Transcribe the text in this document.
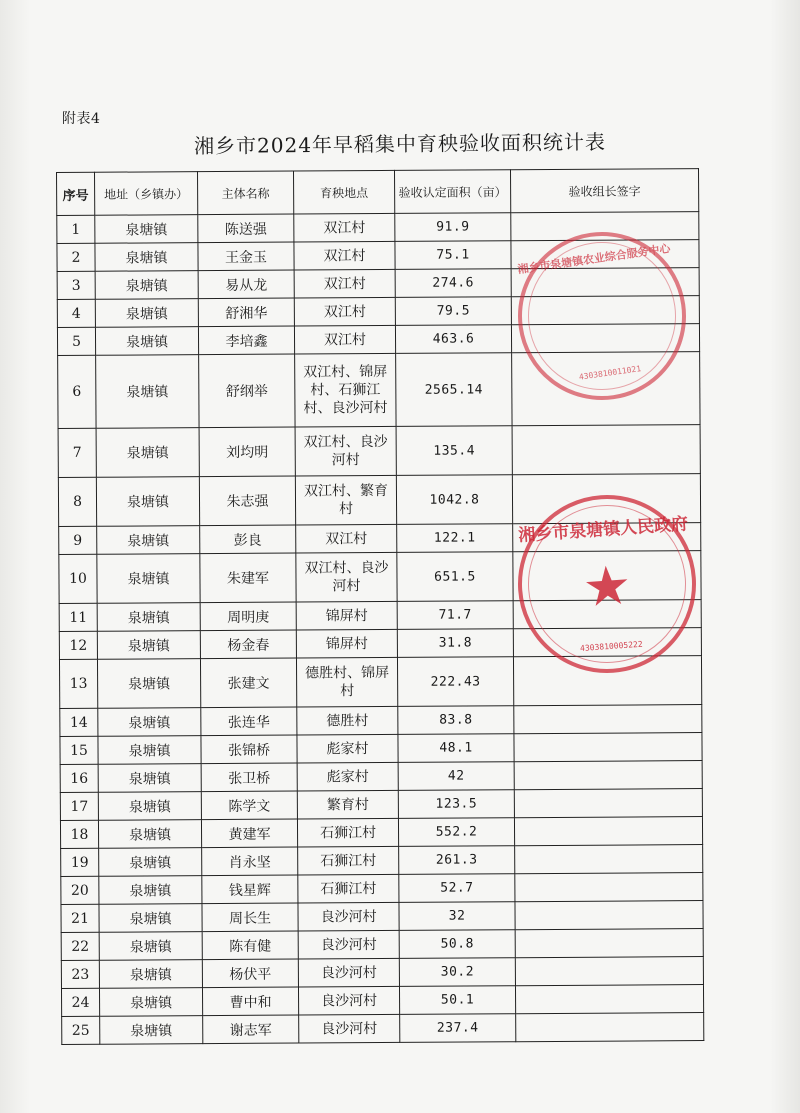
附表4
湘乡市2024年早稻集中育秧验收面积统计表
序号	地址（乡镇办）	主体名称	育秧地点	验收认定面积（亩）	验收组长签字
1	泉塘镇	陈送强	双江村	91.9	
2	泉塘镇	王金玉	双江村	75.1	
3	泉塘镇	易从龙	双江村	274.6	
4	泉塘镇	舒湘华	双江村	79.5	
5	泉塘镇	李培鑫	双江村	463.6	
6	泉塘镇	舒纲举	双江村、锦屏村、石狮江村、良沙河村	2565.14	
7	泉塘镇	刘均明	双江村、良沙河村	135.4	
8	泉塘镇	朱志强	双江村、繁育村	1042.8	
9	泉塘镇	彭良	双江村	122.1	
10	泉塘镇	朱建军	双江村、良沙河村	651.5	
11	泉塘镇	周明庚	锦屏村	71.7	
12	泉塘镇	杨金春	锦屏村	31.8	
13	泉塘镇	张建文	德胜村、锦屏村	222.43	
14	泉塘镇	张连华	德胜村	83.8	
15	泉塘镇	张锦桥	彪家村	48.1	
16	泉塘镇	张卫桥	彪家村	42	
17	泉塘镇	陈学文	繁育村	123.5	
18	泉塘镇	黄建军	石狮江村	552.2	
19	泉塘镇	肖永坚	石狮江村	261.3	
20	泉塘镇	钱星辉	石狮江村	52.7	
21	泉塘镇	周长生	良沙河村	32	
22	泉塘镇	陈有健	良沙河村	50.8	
23	泉塘镇	杨伏平	良沙河村	30.2	
24	泉塘镇	曹中和	良沙河村	50.1	
25	泉塘镇	谢志军	良沙河村	237.4	
湘乡市泉塘镇农业综合服务中心
4303810011021
湘乡市泉塘镇人民政府
★
4303810005222
